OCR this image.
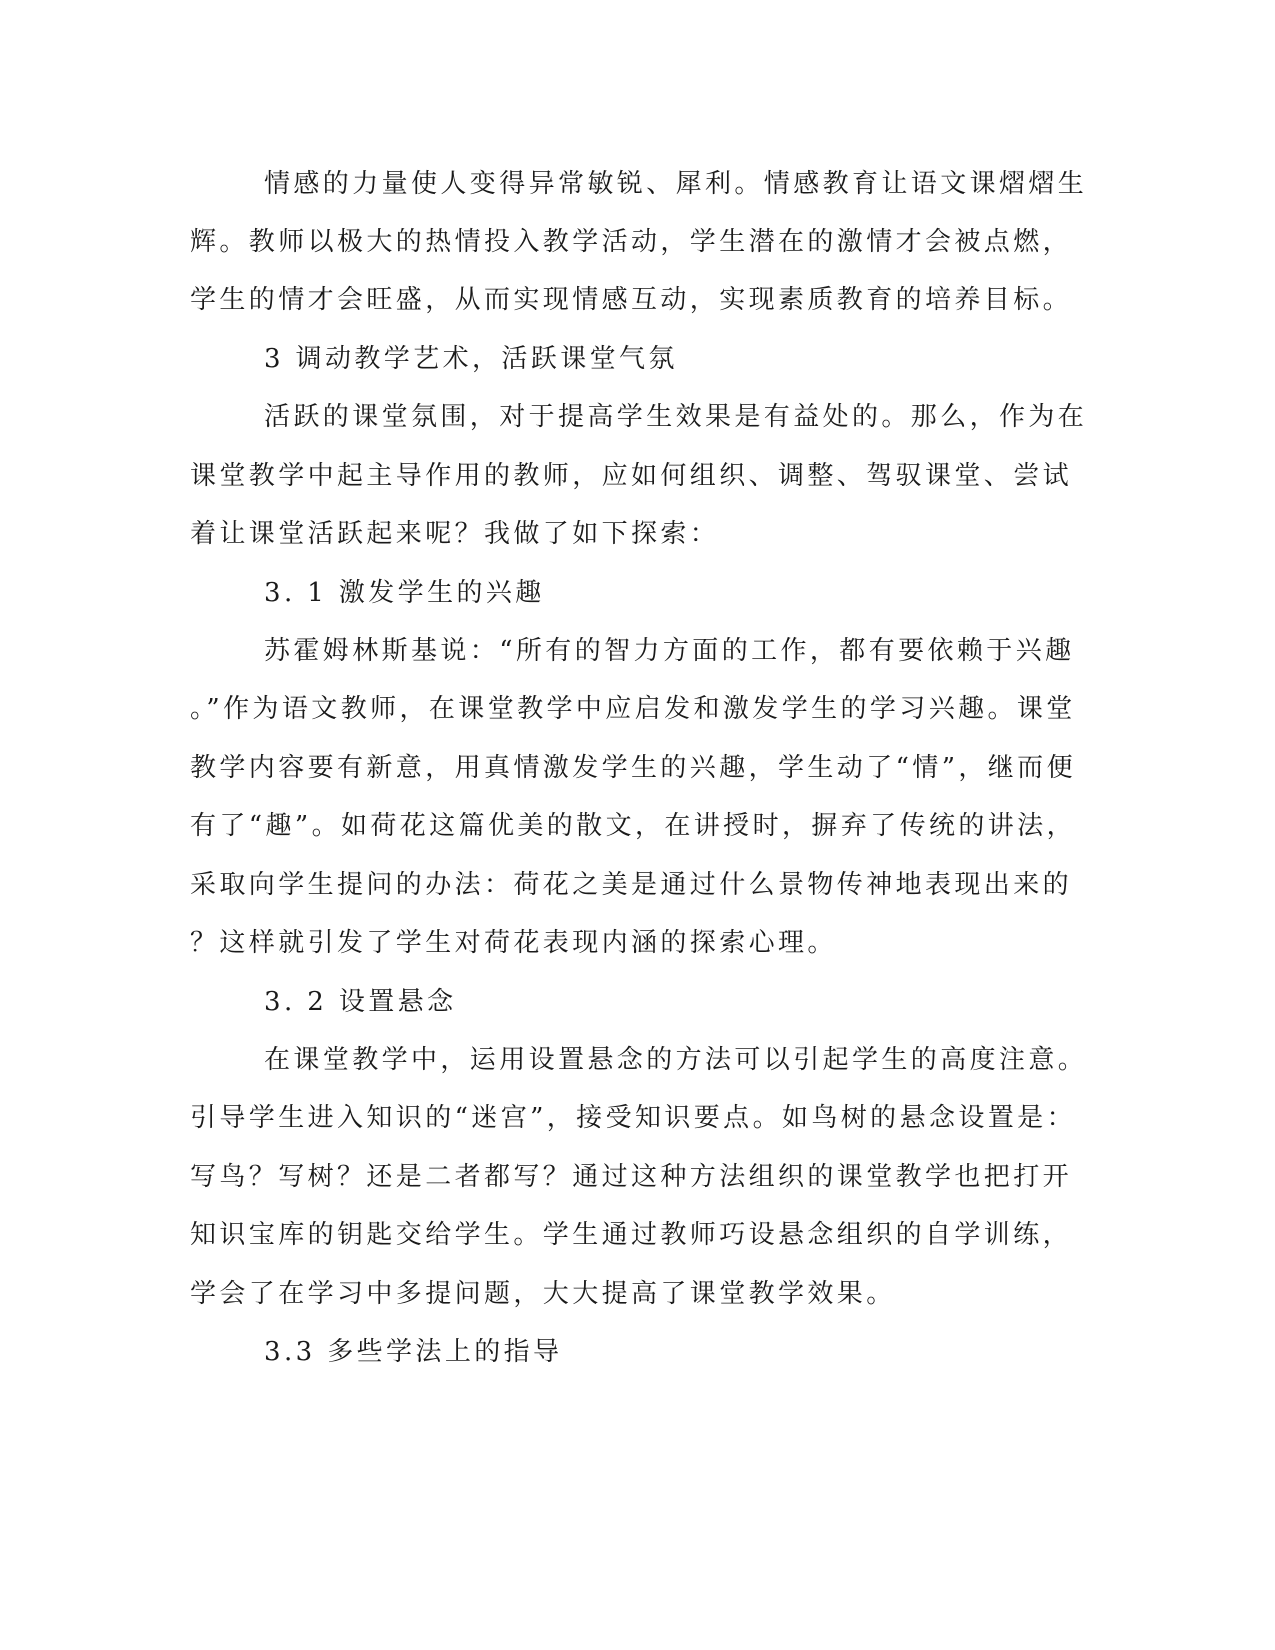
情感的力量使人变得异常敏锐、犀利。情感教育让语文课熠熠生
辉。教师以极大的热情投入教学活动，学生潜在的激情才会被点燃，
学生的情才会旺盛，从而实现情感互动，实现素质教育的培养目标。
3 调动教学艺术，活跃课堂气氛
活跃的课堂氛围，对于提高学生效果是有益处的。那么，作为在
课堂教学中起主导作用的教师，应如何组织、调整、驾驭课堂、尝试
着让课堂活跃起来呢？我做了如下探索：
3. 1 激发学生的兴趣
苏霍姆林斯基说：“所有的智力方面的工作，都有要依赖于兴趣
。”作为语文教师，在课堂教学中应启发和激发学生的学习兴趣。课堂
教学内容要有新意，用真情激发学生的兴趣，学生动了“情”，继而便
有了“趣”。如荷花这篇优美的散文，在讲授时，摒弃了传统的讲法，
采取向学生提问的办法：荷花之美是通过什么景物传神地表现出来的
？这样就引发了学生对荷花表现内涵的探索心理。
3. 2 设置悬念
在课堂教学中，运用设置悬念的方法可以引起学生的高度注意。
引导学生进入知识的“迷宫”，接受知识要点。如鸟树的悬念设置是：
写鸟？写树？还是二者都写？通过这种方法组织的课堂教学也把打开
知识宝库的钥匙交给学生。学生通过教师巧设悬念组织的自学训练，
学会了在学习中多提问题，大大提高了课堂教学效果。
3.3 多些学法上的指导
